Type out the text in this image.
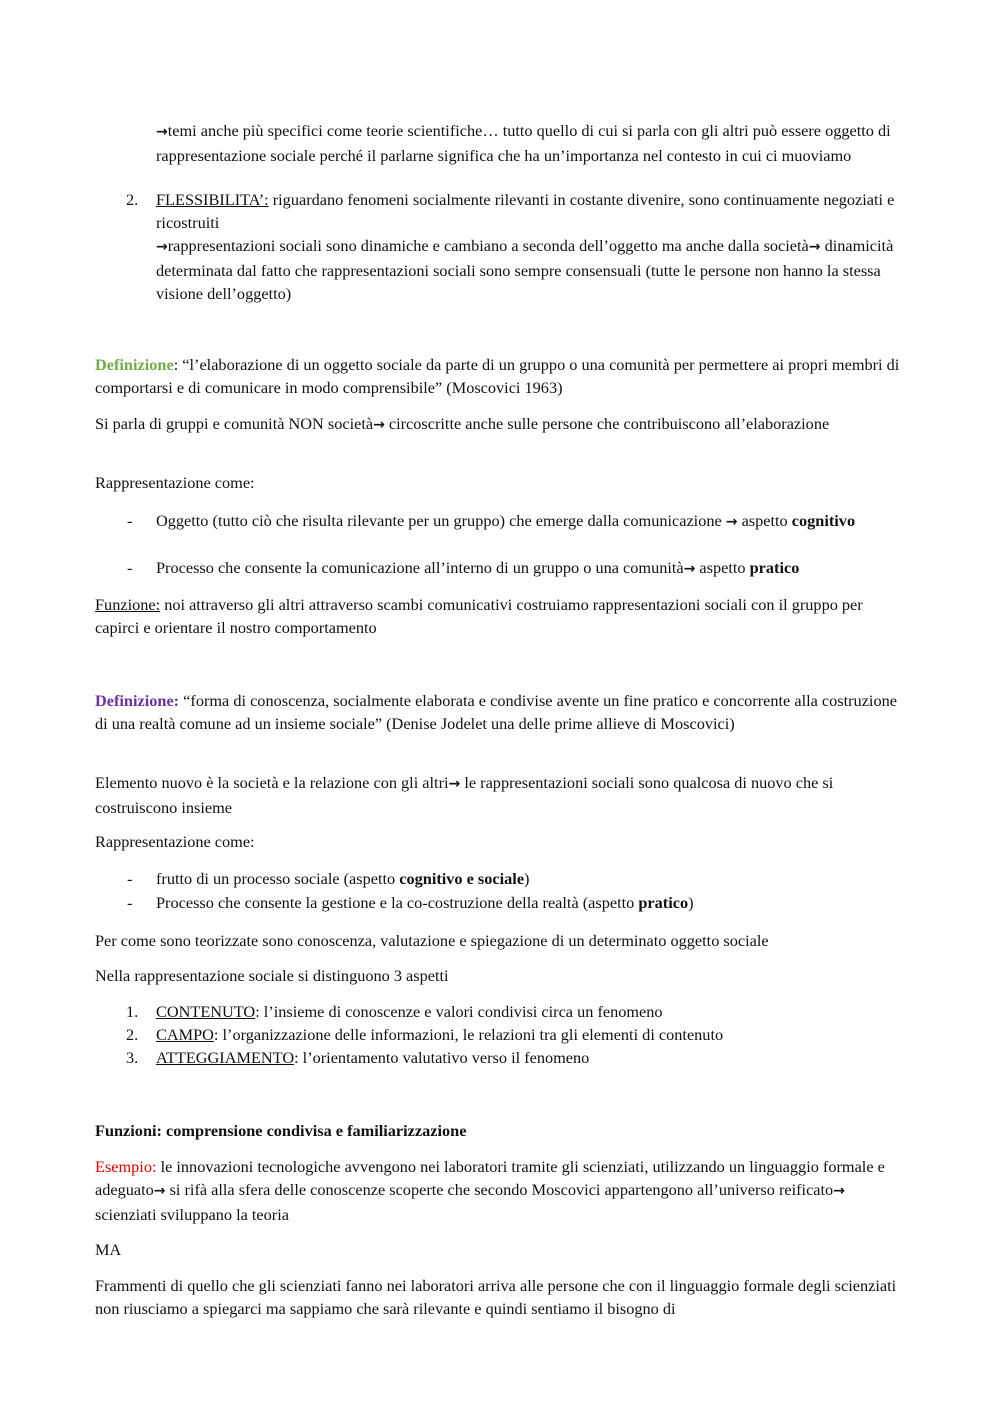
→temi anche più specifici come teorie scientifiche… tutto quello di cui si parla con gli altri può essere oggetto di rappresentazione sociale perché il parlarne significa che ha un’importanza nel contesto in cui ci muoviamo

2. FLESSIBILITA’: riguardano fenomeni socialmente rilevanti in costante divenire, sono continuamente negoziati e ricostruiti

→rappresentazioni sociali sono dinamiche e cambiano a seconda dell’oggetto ma anche dalla società→ dinamicità determinata dal fatto che rappresentazioni sociali sono sempre consensuali (tutte le persone non hanno la stessa visione dell’oggetto)

Definizione: “l’elaborazione di un oggetto sociale da parte di un gruppo o una comunità per permettere ai propri membri di comportarsi e di comunicare in modo comprensibile” (Moscovici 1963)

Si parla di gruppi e comunità NON società→ circoscritte anche sulle persone che contribuiscono all’elaborazione

Rappresentazione come:
- Oggetto (tutto ciò che risulta rilevante per un gruppo) che emerge dalla comunicazione → aspetto cognitivo

- Processo che consente la comunicazione all’interno di un gruppo o una comunità→ aspetto pratico

Funzione: noi attraverso gli altri attraverso scambi comunicativi costruiamo rappresentazioni sociali con il gruppo per capirci e orientare il nostro comportamento

Definizione: “forma di conoscenza, socialmente elaborata e condivise avente un fine pratico e concorrente alla costruzione di una realtà comune ad un insieme sociale” (Denise Jodelet una delle prime allieve di Moscovici)

Elemento nuovo è la società e la relazione con gli altri→ le rappresentazioni sociali sono qualcosa di nuovo che si costruiscono insieme

Rappresentazione come:
- frutto di un processo sociale (aspetto cognitivo e sociale)

- Processo che consente la gestione e la co-costruzione della realtà (aspetto pratico)

Per come sono teorizzate sono conoscenza, valutazione e spiegazione di un determinato oggetto sociale
Nella rappresentazione sociale si distinguono 3 aspetti
1. CONTENUTO: l’insieme di conoscenze e valori condivisi circa un fenomeno

2. CAMPO: l’organizzazione delle informazioni, le relazioni tra gli elementi di contenuto

3. ATTEGGIAMENTO: l’orientamento valutativo verso il fenomeno

Funzioni: comprensione condivisa e familiarizzazione

Esempio: le innovazioni tecnologiche avvengono nei laboratori tramite gli scienziati, utilizzando un linguaggio formale e adeguato→ si rifà alla sfera delle conoscenze scoperte che secondo Moscovici appartengono all’universo reificato→ scienziati sviluppano la teoria

MA
Frammenti di quello che gli scienziati fanno nei laboratori arriva alle persone che con il linguaggio formale degli scienziati non riusciamo a spiegarci ma sappiamo che sarà rilevante e quindi sentiamo il bisogno di
